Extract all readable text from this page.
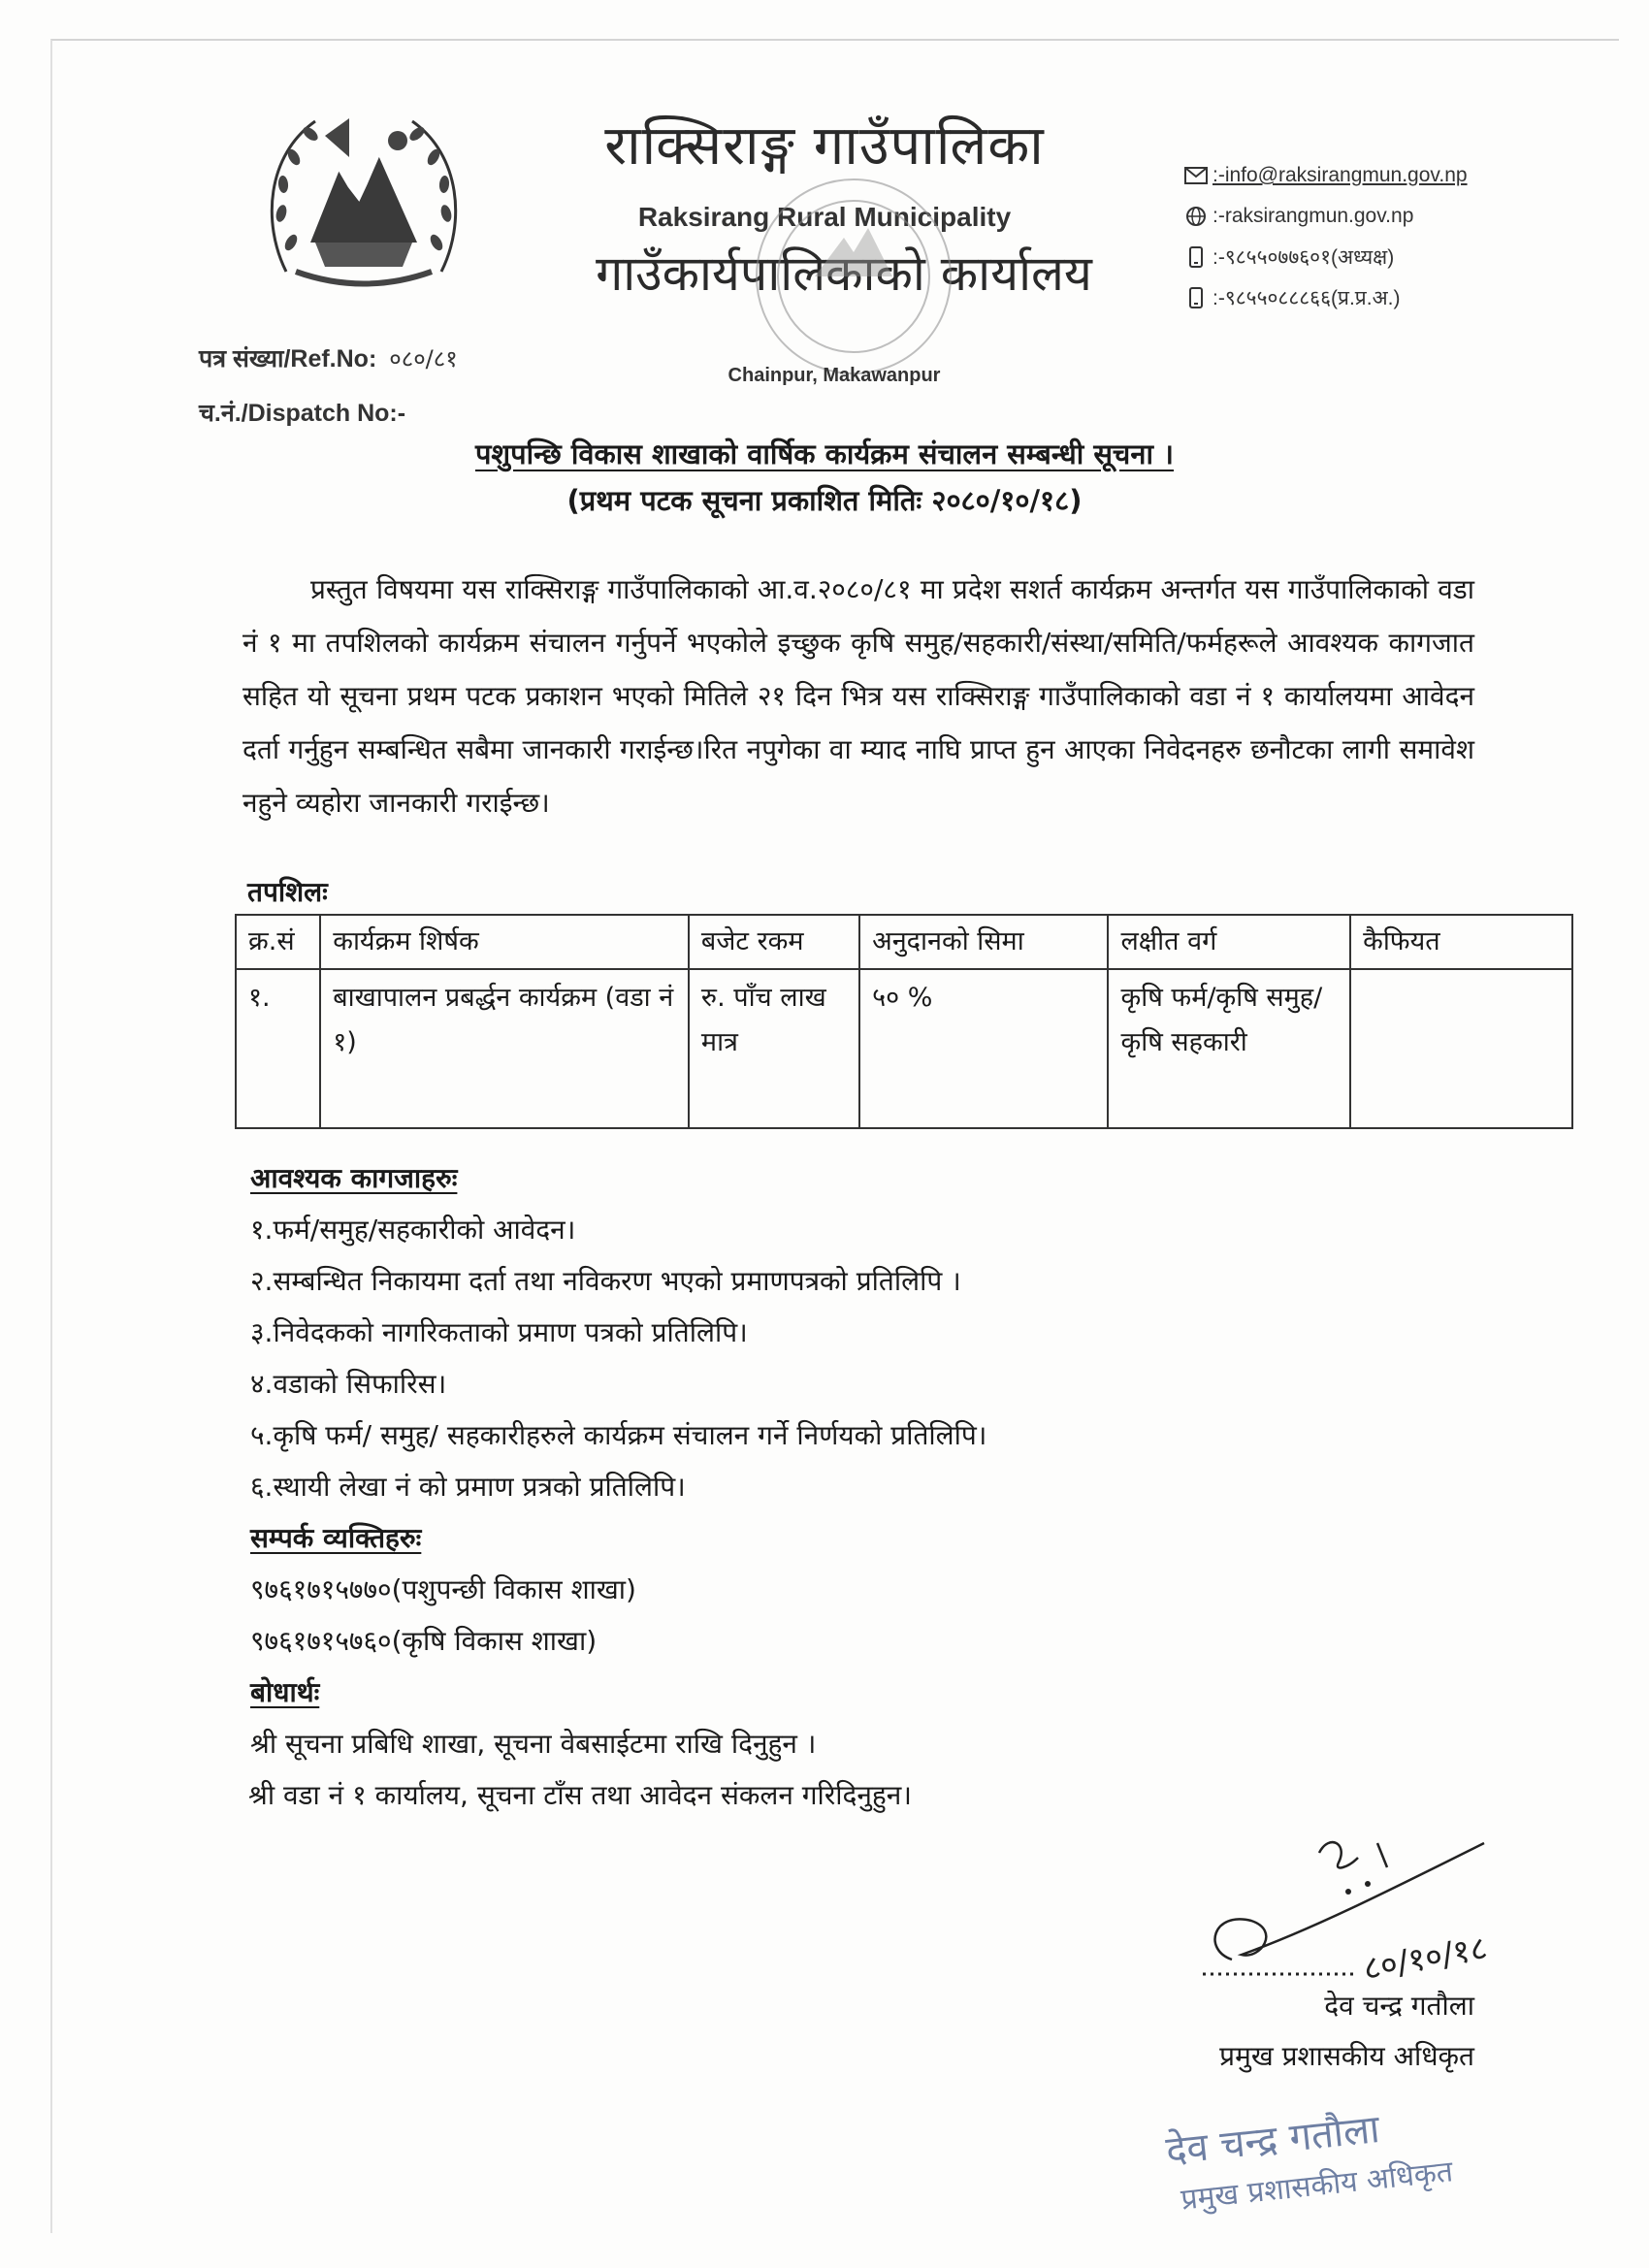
राक्सिराङ्ग गाउँपालिका
Raksirang Rural Municipality
गाउँकार्यपालिकाको कार्यालय
Chainpur, Makawanpur
:-info@raksirangmun.gov.np
:-raksirangmun.gov.np
:-९८५५०७७६०१(अध्यक्ष)
:-९८५५०८८८६६(प्र.प्र.अ.)
पत्र संख्या/Ref.No: ०८०/८१
च.नं./Dispatch No:-
पशुपन्छि विकास शाखाको वार्षिक कार्यक्रम संचालन सम्बन्धी सूचना ।
(प्रथम पटक सूचना प्रकाशित मितिः २०८०/१०/१८)
प्रस्तुत विषयमा यस राक्सिराङ्ग गाउँपालिकाको आ.व.२०८०/८१ मा प्रदेश सशर्त कार्यक्रम अन्तर्गत यस गाउँपालिकाको वडा नं १ मा तपशिलको कार्यक्रम संचालन गर्नुपर्ने भएकोले इच्छुक कृषि समुह/सहकारी/संस्था/समिति/फर्महरूले आवश्यक कागजात सहित यो सूचना प्रथम पटक प्रकाशन भएको मितिले २१ दिन भित्र यस राक्सिराङ्ग गाउँपालिकाको वडा नं १ कार्यालयमा आवेदन दर्ता गर्नुहुन सम्बन्धित सबैमा जानकारी गराईन्छ।रित नपुगेका वा म्याद नाघि प्राप्त हुन आएका निवेदनहरु छनौटका लागी समावेश नहुने व्यहोरा जानकारी गराईन्छ।
तपशिलः
क्र.सं	कार्यक्रम शिर्षक	बजेट रकम	अनुदानको सिमा	लक्षीत वर्ग	कैफियत
१.	बाखापालन प्रबर्द्धन कार्यक्रम (वडा नं १)	रु. पाँच लाख मात्र	५० %	कृषि फर्म/कृषि समुह/कृषि सहकारी	
आवश्यक कागजाहरुः
१.फर्म/समुह/सहकारीको आवेदन।
२.सम्बन्धित निकायमा दर्ता तथा नविकरण भएको प्रमाणपत्रको प्रतिलिपि ।
३.निवेदकको नागरिकताको प्रमाण पत्रको प्रतिलिपि।
४.वडाको सिफारिस।
५.कृषि फर्म/ समुह/ सहकारीहरुले कार्यक्रम संचालन गर्ने निर्णयको प्रतिलिपि।
६.स्थायी लेखा नं को प्रमाण प्रत्रको प्रतिलिपि।
सम्पर्क व्यक्तिहरुः
९७६१७१५७७०(पशुपन्छी विकास शाखा)
९७६१७१५७६०(कृषि विकास शाखा)
बोधार्थः
श्री सूचना प्रबिधि शाखा, सूचना वेबसाईटमा राखि दिनुहुन ।
श्री वडा नं १ कार्यालय, सूचना टाँस तथा आवेदन संकलन गरिदिनुहुन।
८०/१०/१८
देव चन्द्र गतौला
प्रमुख प्रशासकीय अधिकृत
देव चन्द्र गतौला
प्रमुख प्रशासकीय अधिकृत
